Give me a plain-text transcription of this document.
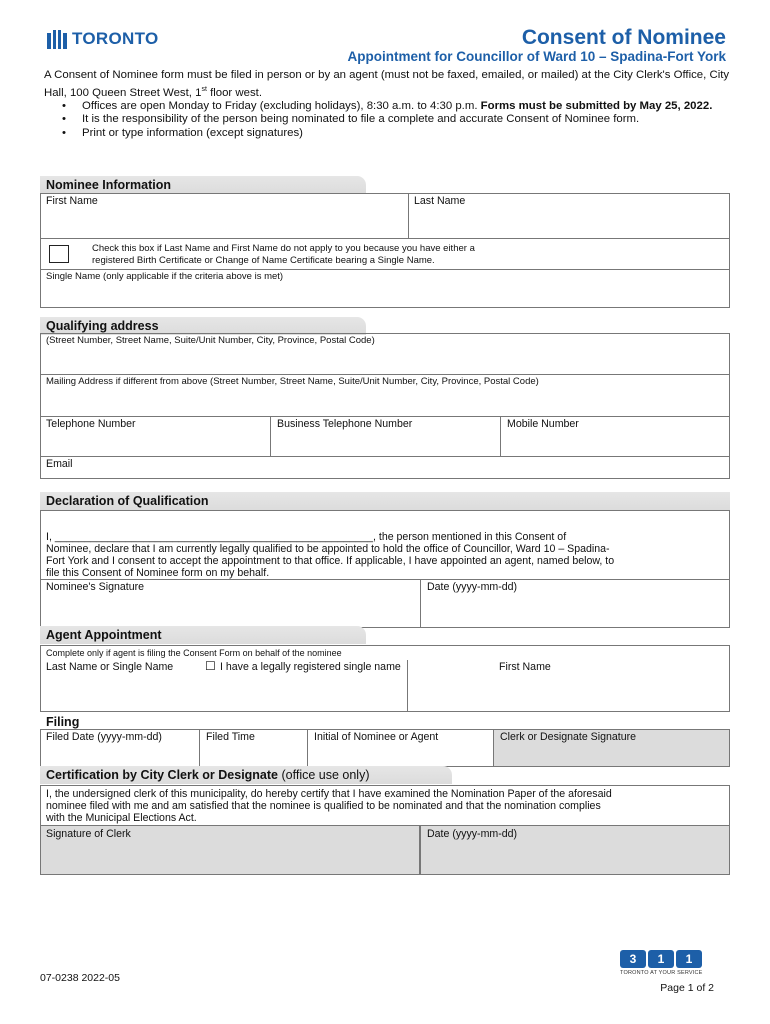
TORONTO	Consent of Nominee
Appointment for Councillor of Ward 10 – Spadina-Fort York

A Consent of Nominee form must be filed in person or by an agent (must not be faxed, emailed, or mailed) at the City Clerk's Office, City Hall, 100 Queen Street West, 1st floor west.

• Offices are open Monday to Friday (excluding holidays), 8:30 a.m. to 4:30 p.m. Forms must be submitted by May 25, 2022.
• It is the responsibility of the person being nominated to file a complete and accurate Consent of Nominee form.
• Print or type information (except signatures)
Nominee Information
First Name	Last Name
Check this box if Last Name and First Name do not apply to you because you have either a
registered Birth Certificate or Change of Name Certificate bearing a Single Name.
Single Name (only applicable if the criteria above is met)
Qualifying address
(Street Number, Street Name, Suite/Unit Number, City, Province, Postal Code)
Mailing Address if different from above (Street Number, Street Name, Suite/Unit Number, City, Province, Postal Code)
Telephone Number	Business Telephone Number	Mobile Number
Email
Declaration of Qualification
I, ______________________________________________________, the person mentioned in this Consent of
Nominee, declare that I am currently legally qualified to be appointed to hold the office of Councillor, Ward 10 – Spadina-
Fort York and I consent to accept the appointment to that office. If applicable, I have appointed an agent, named below, to
file this Consent of Nominee form on my behalf.
Nominee's Signature	Date (yyyy-mm-dd)
Agent Appointment
Complete only if agent is filing the Consent Form on behalf of the nominee
Last Name or Single Name	☐ I have a legally registered single name	First Name
Filing
Filed Date (yyyy-mm-dd)	Filed Time	Initial of Nominee or Agent	Clerk or Designate Signature
Certification by City Clerk or Designate (office use only)
I, the undersigned clerk of this municipality, do hereby certify that I have examined the Nomination Paper of the aforesaid
nominee filed with me and am satisfied that the nominee is qualified to be nominated and that the nomination complies
with the Municipal Elections Act.
Signature of Clerk	Date (yyyy-mm-dd)
07-0238 2022-05
3 1 1
TORONTO AT YOUR SERVICE
Page 1 of 2
